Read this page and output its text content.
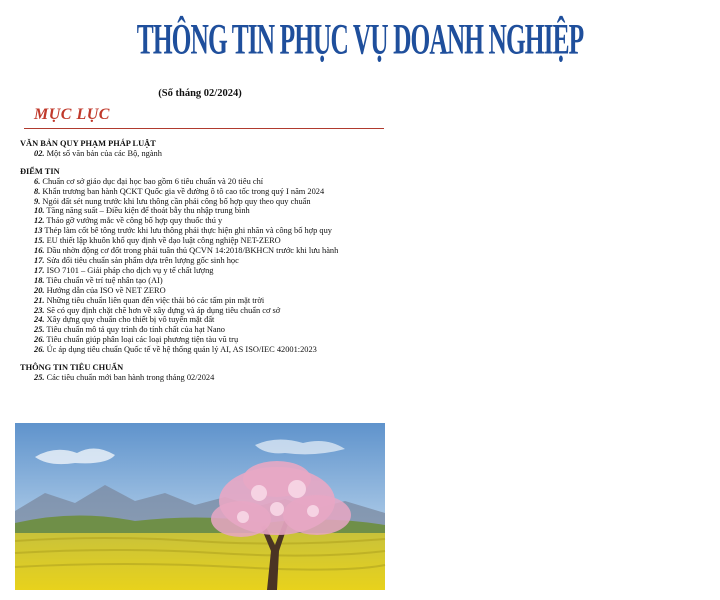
THÔNG TIN PHỤC VỤ DOANH NGHIỆP
(Số tháng 02/2024)
MỤC LỤC
VĂN BẢN QUY PHẠM PHÁP LUẬT
02. Một số văn bản của các Bộ, ngành
ĐIỂM TIN
6. Chuẩn cơ sở giáo dục đại học bao gồm 6 tiêu chuẩn và 20 tiêu chí
8. Khẩn trương ban hành QCKT Quốc gia về đường ô tô cao tốc trong quý I năm 2024
9. Ngói đất sét nung trước khi lưu thông cần phải công bố hợp quy theo quy chuẩn
10. Tăng năng suất – Điều kiện để thoát bẫy thu nhập trung bình
12. Tháo gỡ vướng mắc về công bố hợp quy thuốc thú y
13 Thép làm cốt bê tông trước khi lưu thông phải thực hiện ghi nhãn và công bố hợp quy
15. EU thiết lập khuôn khổ quy định về dạo luật công nghiệp NET-ZERO
16. Dầu nhờn động cơ đốt trong phải tuân thủ QCVN 14:2018/BKHCN trước khi lưu hành
17. Sửa đổi tiêu chuẩn sản phẩm dựa trên lượng gốc sinh học
17. ISO 7101 – Giải pháp cho dịch vụ y tế chất lượng
18. Tiêu chuẩn về trí tuệ nhân tạo (AI)
20. Hướng dẫn của ISO về NET ZERO
21. Những tiêu chuẩn liên quan đến việc thải bỏ các tấm pin mặt trời
23. Sẽ có quy định chặt chẽ hơn về xây dựng và áp dụng tiêu chuẩn cơ sở
24. Xây dựng quy chuẩn cho thiết bị vô tuyến mặt đất
25. Tiêu chuẩn mô tả quy trình đo tính chất của hạt Nano
26. Tiêu chuẩn giúp phân loại các loại phương tiện tàu vũ trụ
26. Úc áp dụng tiêu chuẩn Quốc tế về hệ thống quản lý AI, AS ISO/IEC 42001:2023
THÔNG TIN TIÊU CHUẨN
25. Các tiêu chuẩn mới ban hành trong tháng 02/2024
